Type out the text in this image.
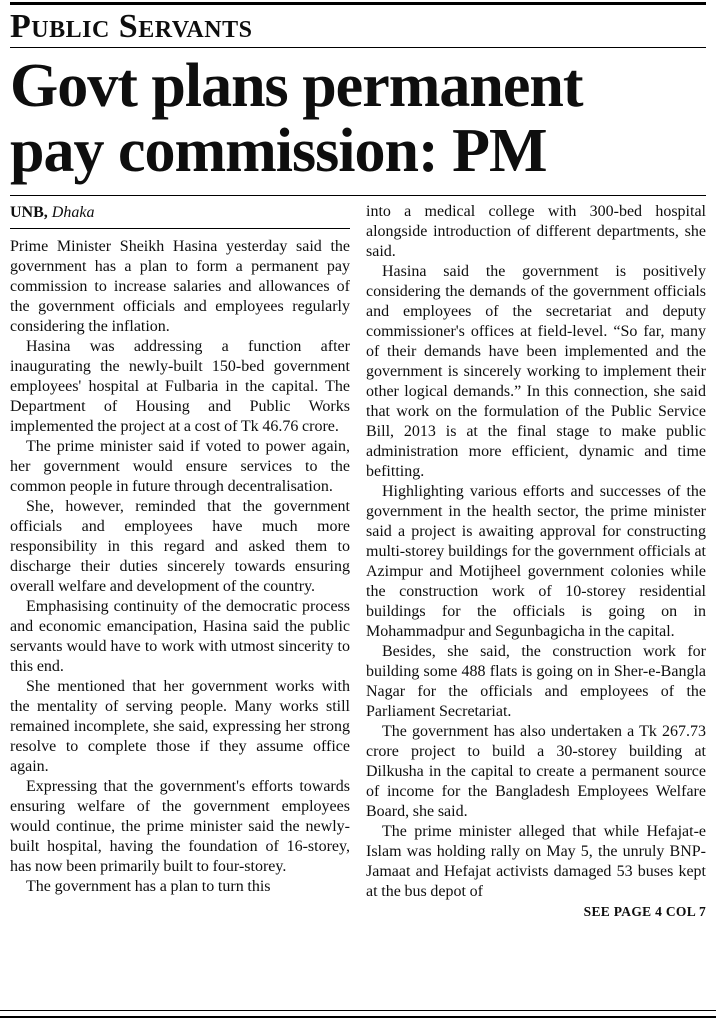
Public Servants
Govt plans permanent
pay commission: PM
UNB, Dhaka

Prime Minister Sheikh Hasina yesterday said the government has a plan to form a permanent pay commission to increase salaries and allowances of the government officials and employees regularly considering the inflation.

Hasina was addressing a function after inaugurating the newly-built 150-bed government employees' hospital at Fulbaria in the capital. The Department of Housing and Public Works implemented the project at a cost of Tk 46.76 crore.

The prime minister said if voted to power again, her government would ensure services to the common people in future through decentralisation.

She, however, reminded that the government officials and employees have much more responsibility in this regard and asked them to discharge their duties sincerely towards ensuring overall welfare and development of the country.

Emphasising continuity of the democratic process and economic emancipation, Hasina said the public servants would have to work with utmost sincerity to this end.

She mentioned that her government works with the mentality of serving people. Many works still remained incomplete, she said, expressing her strong resolve to complete those if they assume office again.

Expressing that the government's efforts towards ensuring welfare of the government employees would continue, the prime minister said the newly-built hospital, having the foundation of 16-storey, has now been primarily built to four-storey.

The government has a plan to turn this

into a medical college with 300-bed hospital alongside introduction of different departments, she said.

Hasina said the government is positively considering the demands of the government officials and employees of the secretariat and deputy commissioner's offices at field-level. “So far, many of their demands have been implemented and the government is sincerely working to implement their other logical demands.” In this connection, she said that work on the formulation of the Public Service Bill, 2013 is at the final stage to make public administration more efficient, dynamic and time befitting.

Highlighting various efforts and successes of the government in the health sector, the prime minister said a project is awaiting approval for constructing multi-storey buildings for the government officials at Azimpur and Motijheel government colonies while the construction work of 10-storey residential buildings for the officials is going on in Mohammadpur and Segunbagicha in the capital.

Besides, she said, the construction work for building some 488 flats is going on in Sher-e-Bangla Nagar for the officials and employees of the Parliament Secretariat.

The government has also undertaken a Tk 267.73 crore project to build a 30-storey building at Dilkusha in the capital to create a permanent source of income for the Bangladesh Employees Welfare Board, she said.

The prime minister alleged that while Hefajat-e Islam was holding rally on May 5, the unruly BNP-Jamaat and Hefajat activists damaged 53 buses kept at the bus depot of

SEE PAGE 4 COL 7
